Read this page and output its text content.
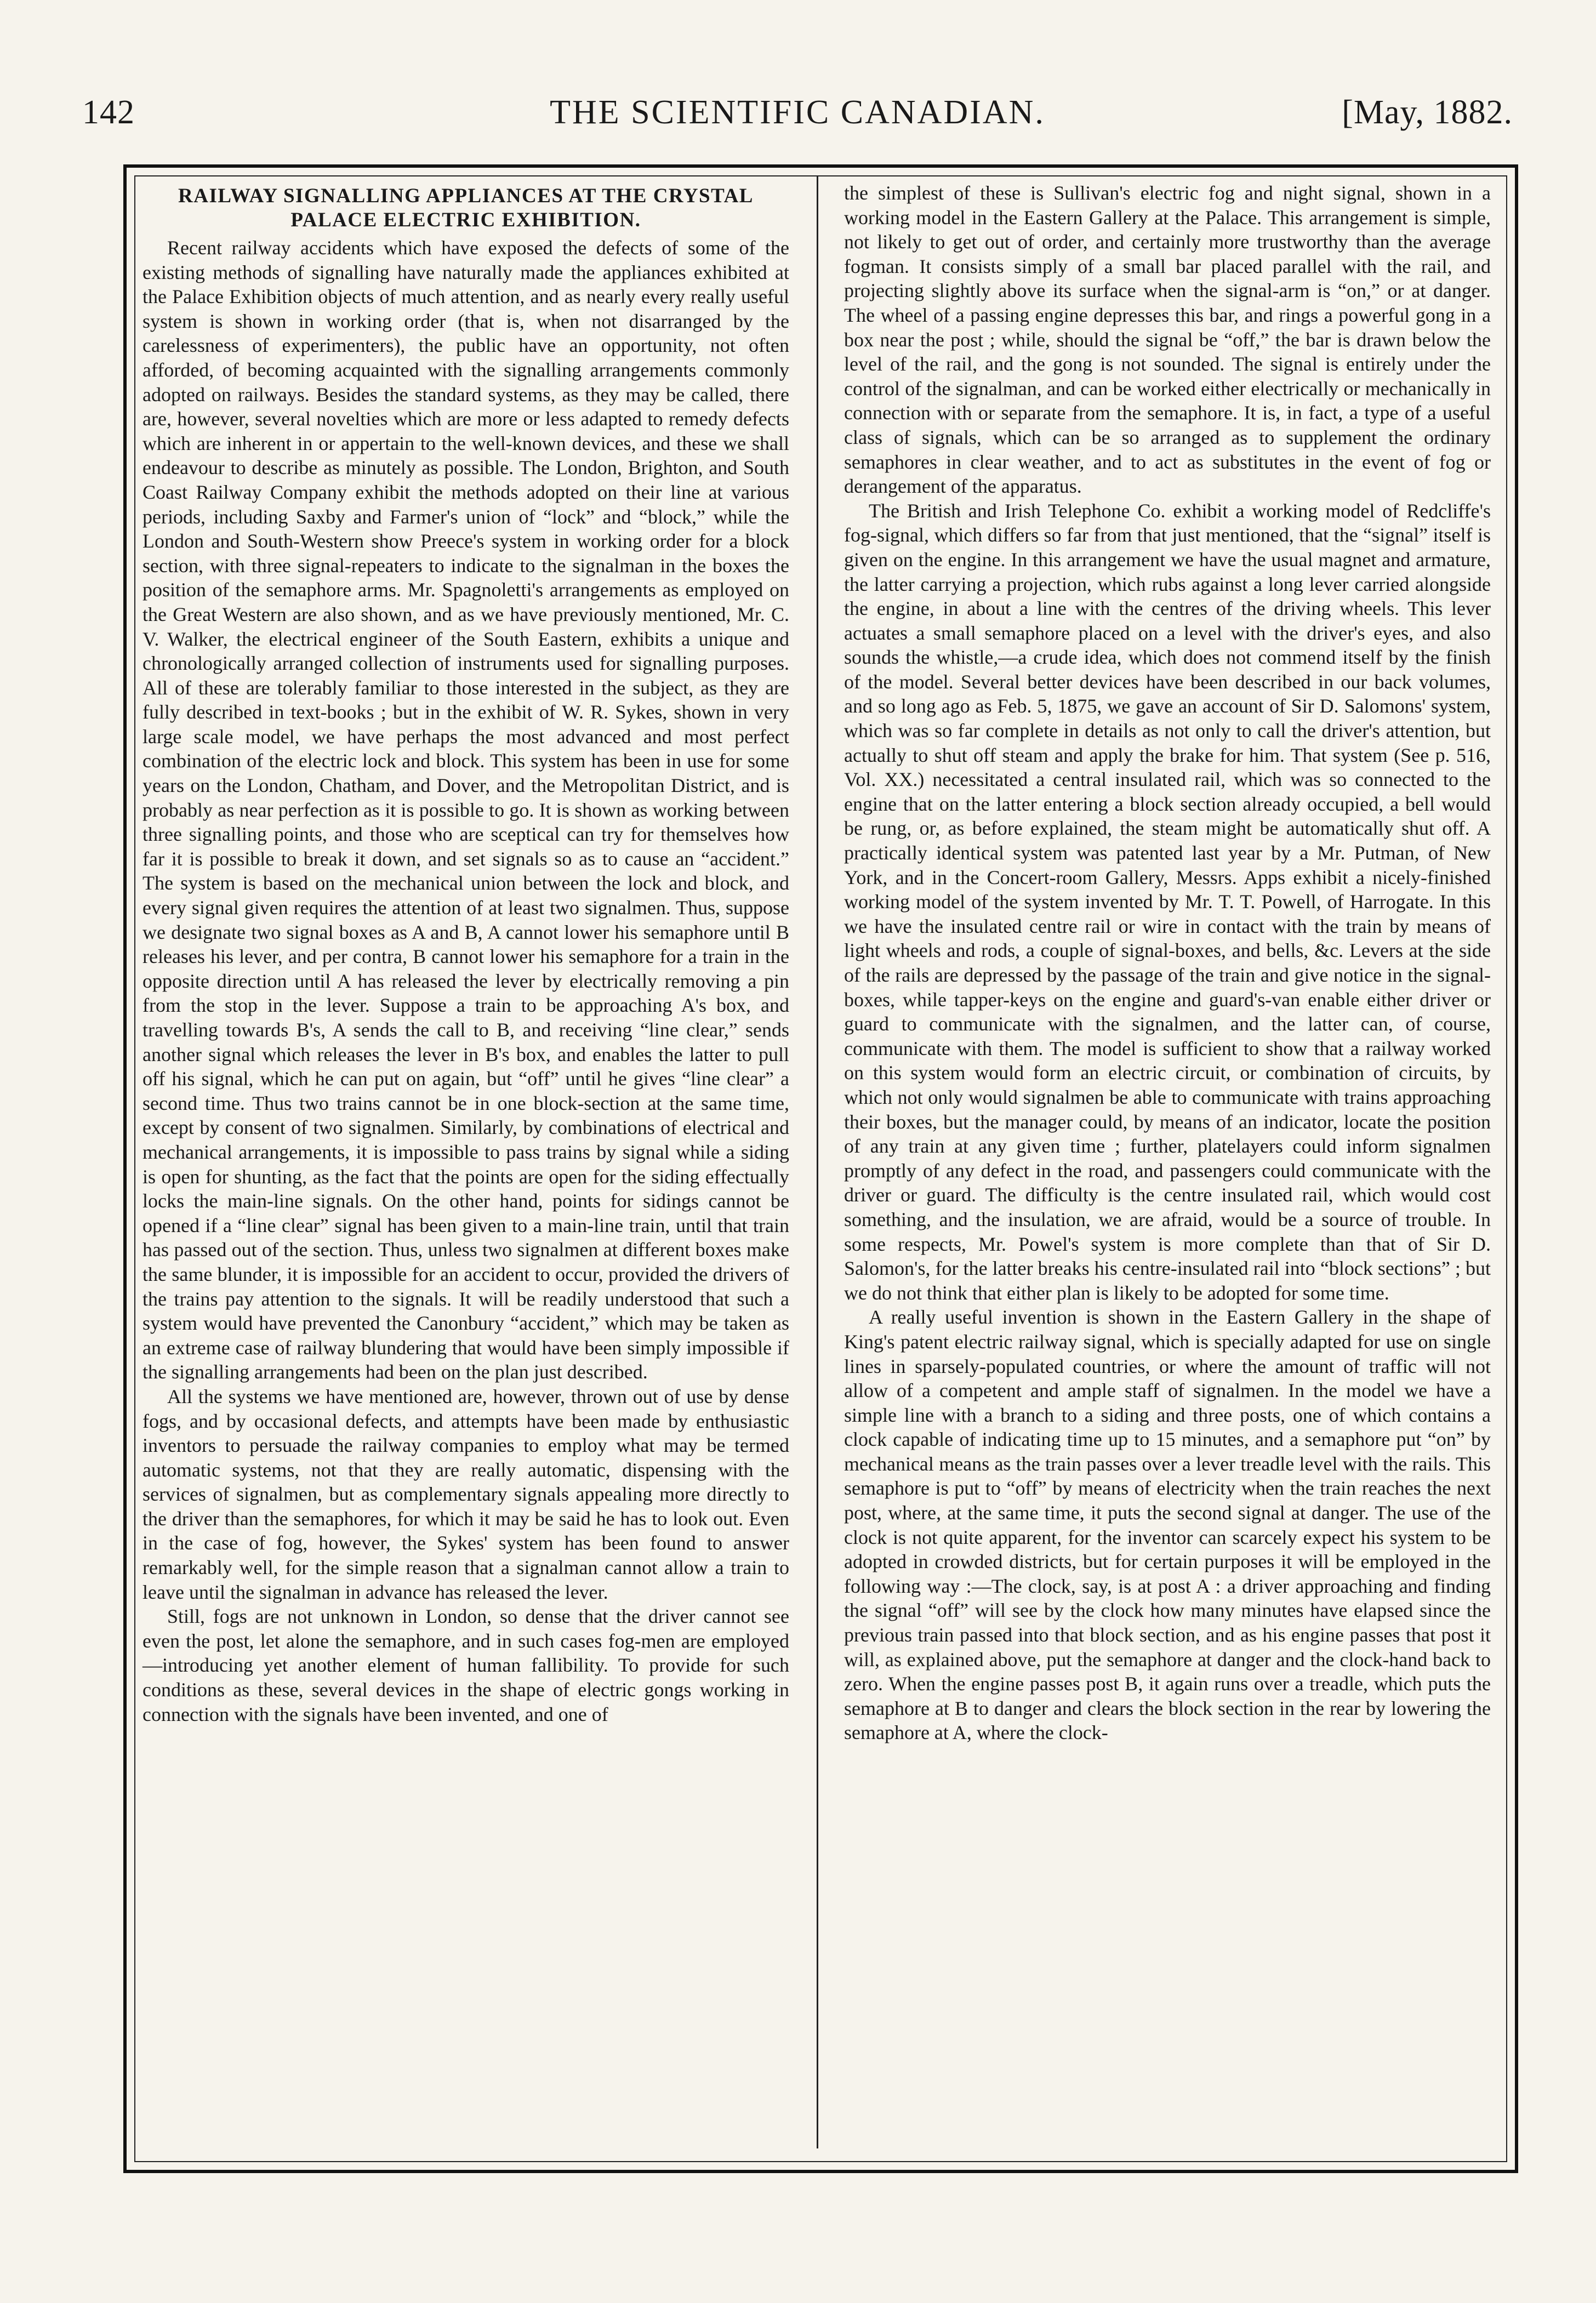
142	THE SCIENTIFIC CANADIAN.	[May, 1882.
RAILWAY SIGNALLING APPLIANCES AT THE CRYSTAL PALACE ELECTRIC EXHIBITION.

Recent railway accidents which have exposed the defects of some of the existing methods of signalling have naturally made the appliances exhibited at the Palace Exhibition objects of much attention, and as nearly every really useful system is shown in working order (that is, when not disarranged by the carelessness of experimenters), the public have an opportunity, not often afforded, of becoming acquainted with the signalling arrangements commonly adopted on railways. Besides the standard systems, as they may be called, there are, however, several novelties which are more or less adapted to remedy defects which are inherent in or appertain to the well-known devices, and these we shall endeavour to describe as minutely as possible. The London, Brighton, and South Coast Railway Company exhibit the methods adopted on their line at various periods, including Saxby and Farmer's union of “lock” and “block,” while the London and South-Western show Preece's system in working order for a block section, with three signal-repeaters to indicate to the signalman in the boxes the position of the semaphore arms. Mr. Spagnoletti's arrangements as employed on the Great Western are also shown, and as we have previously mentioned, Mr. C. V. Walker, the electrical engineer of the South Eastern, exhibits a unique and chronologically arranged collection of instruments used for signalling purposes. All of these are tolerably familiar to those interested in the subject, as they are fully described in text-books ; but in the exhibit of W. R. Sykes, shown in very large scale model, we have perhaps the most advanced and most perfect combination of the electric lock and block. This system has been in use for some years on the London, Chatham, and Dover, and the Metropolitan District, and is probably as near perfection as it is possible to go. It is shown as working between three signalling points, and those who are sceptical can try for themselves how far it is possible to break it down, and set signals so as to cause an “accident.” The system is based on the mechanical union between the lock and block, and every signal given requires the attention of at least two signalmen. Thus, suppose we designate two signal boxes as A and B, A cannot lower his semaphore until B releases his lever, and per contra, B cannot lower his semaphore for a train in the opposite direction until A has released the lever by electrically removing a pin from the stop in the lever. Suppose a train to be approaching A's box, and travelling towards B's, A sends the call to B, and receiving “line clear,” sends another signal which releases the lever in B's box, and enables the latter to pull off his signal, which he can put on again, but “off” until he gives “line clear” a second time. Thus two trains cannot be in one block-section at the same time, except by consent of two signalmen. Similarly, by combinations of electrical and mechanical arrangements, it is impossible to pass trains by signal while a siding is open for shunting, as the fact that the points are open for the siding effectually locks the main-line signals. On the other hand, points for sidings cannot be opened if a “line clear” signal has been given to a main-line train, until that train has passed out of the section. Thus, unless two signalmen at different boxes make the same blunder, it is impossible for an accident to occur, provided the drivers of the trains pay attention to the signals. It will be readily understood that such a system would have prevented the Canonbury “accident,” which may be taken as an extreme case of railway blundering that would have been simply impossible if the signalling arrangements had been on the plan just described.

All the systems we have mentioned are, however, thrown out of use by dense fogs, and by occasional defects, and attempts have been made by enthusiastic inventors to persuade the railway companies to employ what may be termed automatic systems, not that they are really automatic, dispensing with the services of signalmen, but as complementary signals appealing more directly to the driver than the semaphores, for which it may be said he has to look out. Even in the case of fog, however, the Sykes' system has been found to answer remarkably well, for the simple reason that a signalman cannot allow a train to leave until the signalman in advance has released the lever.

Still, fogs are not unknown in London, so dense that the driver cannot see even the post, let alone the semaphore, and in such cases fog-men are employed—introducing yet another element of human fallibility. To provide for such conditions as these, several devices in the shape of electric gongs working in connection with the signals have been invented, and one of

the simplest of these is Sullivan's electric fog and night signal, shown in a working model in the Eastern Gallery at the Palace. This arrangement is simple, not likely to get out of order, and certainly more trustworthy than the average fogman. It consists simply of a small bar placed parallel with the rail, and projecting slightly above its surface when the signal-arm is “on,” or at danger. The wheel of a passing engine depresses this bar, and rings a powerful gong in a box near the post ; while, should the signal be “off,” the bar is drawn below the level of the rail, and the gong is not sounded. The signal is entirely under the control of the signalman, and can be worked either electrically or mechanically in connection with or separate from the semaphore. It is, in fact, a type of a useful class of signals, which can be so arranged as to supplement the ordinary semaphores in clear weather, and to act as substitutes in the event of fog or derangement of the apparatus.

The British and Irish Telephone Co. exhibit a working model of Redcliffe's fog-signal, which differs so far from that just mentioned, that the “signal” itself is given on the engine. In this arrangement we have the usual magnet and armature, the latter carrying a projection, which rubs against a long lever carried alongside the engine, in about a line with the centres of the driving wheels. This lever actuates a small semaphore placed on a level with the driver's eyes, and also sounds the whistle,—a crude idea, which does not commend itself by the finish of the model. Several better devices have been described in our back volumes, and so long ago as Feb. 5, 1875, we gave an account of Sir D. Salomons' system, which was so far complete in details as not only to call the driver's attention, but actually to shut off steam and apply the brake for him. That system (See p. 516, Vol. XX.) necessitated a central insulated rail, which was so connected to the engine that on the latter entering a block section already occupied, a bell would be rung, or, as before explained, the steam might be automatically shut off. A practically identical system was patented last year by a Mr. Putman, of New York, and in the Concert-room Gallery, Messrs. Apps exhibit a nicely-finished working model of the system invented by Mr. T. T. Powell, of Harrogate. In this we have the insulated centre rail or wire in contact with the train by means of light wheels and rods, a couple of signal-boxes, and bells, &c. Levers at the side of the rails are depressed by the passage of the train and give notice in the signal-boxes, while tapper-keys on the engine and guard's-van enable either driver or guard to communicate with the signalmen, and the latter can, of course, communicate with them. The model is sufficient to show that a railway worked on this system would form an electric circuit, or combination of circuits, by which not only would signalmen be able to communicate with trains approaching their boxes, but the manager could, by means of an indicator, locate the position of any train at any given time ; further, platelayers could inform signalmen promptly of any defect in the road, and passengers could communicate with the driver or guard. The difficulty is the centre insulated rail, which would cost something, and the insulation, we are afraid, would be a source of trouble. In some respects, Mr. Powel's system is more complete than that of Sir D. Salomon's, for the latter breaks his centre-insulated rail into “block sections” ; but we do not think that either plan is likely to be adopted for some time.

A really useful invention is shown in the Eastern Gallery in the shape of King's patent electric railway signal, which is specially adapted for use on single lines in sparsely-populated countries, or where the amount of traffic will not allow of a competent and ample staff of signalmen. In the model we have a simple line with a branch to a siding and three posts, one of which contains a clock capable of indicating time up to 15 minutes, and a semaphore put “on” by mechanical means as the train passes over a lever treadle level with the rails. This semaphore is put to “off” by means of electricity when the train reaches the next post, where, at the same time, it puts the second signal at danger. The use of the clock is not quite apparent, for the inventor can scarcely expect his system to be adopted in crowded districts, but for certain purposes it will be employed in the following way :—The clock, say, is at post A : a driver approaching and finding the signal “off” will see by the clock how many minutes have elapsed since the previous train passed into that block section, and as his engine passes that post it will, as explained above, put the semaphore at danger and the clock-hand back to zero. When the engine passes post B, it again runs over a treadle, which puts the semaphore at B to danger and clears the block section in the rear by lowering the semaphore at A, where the clock-
